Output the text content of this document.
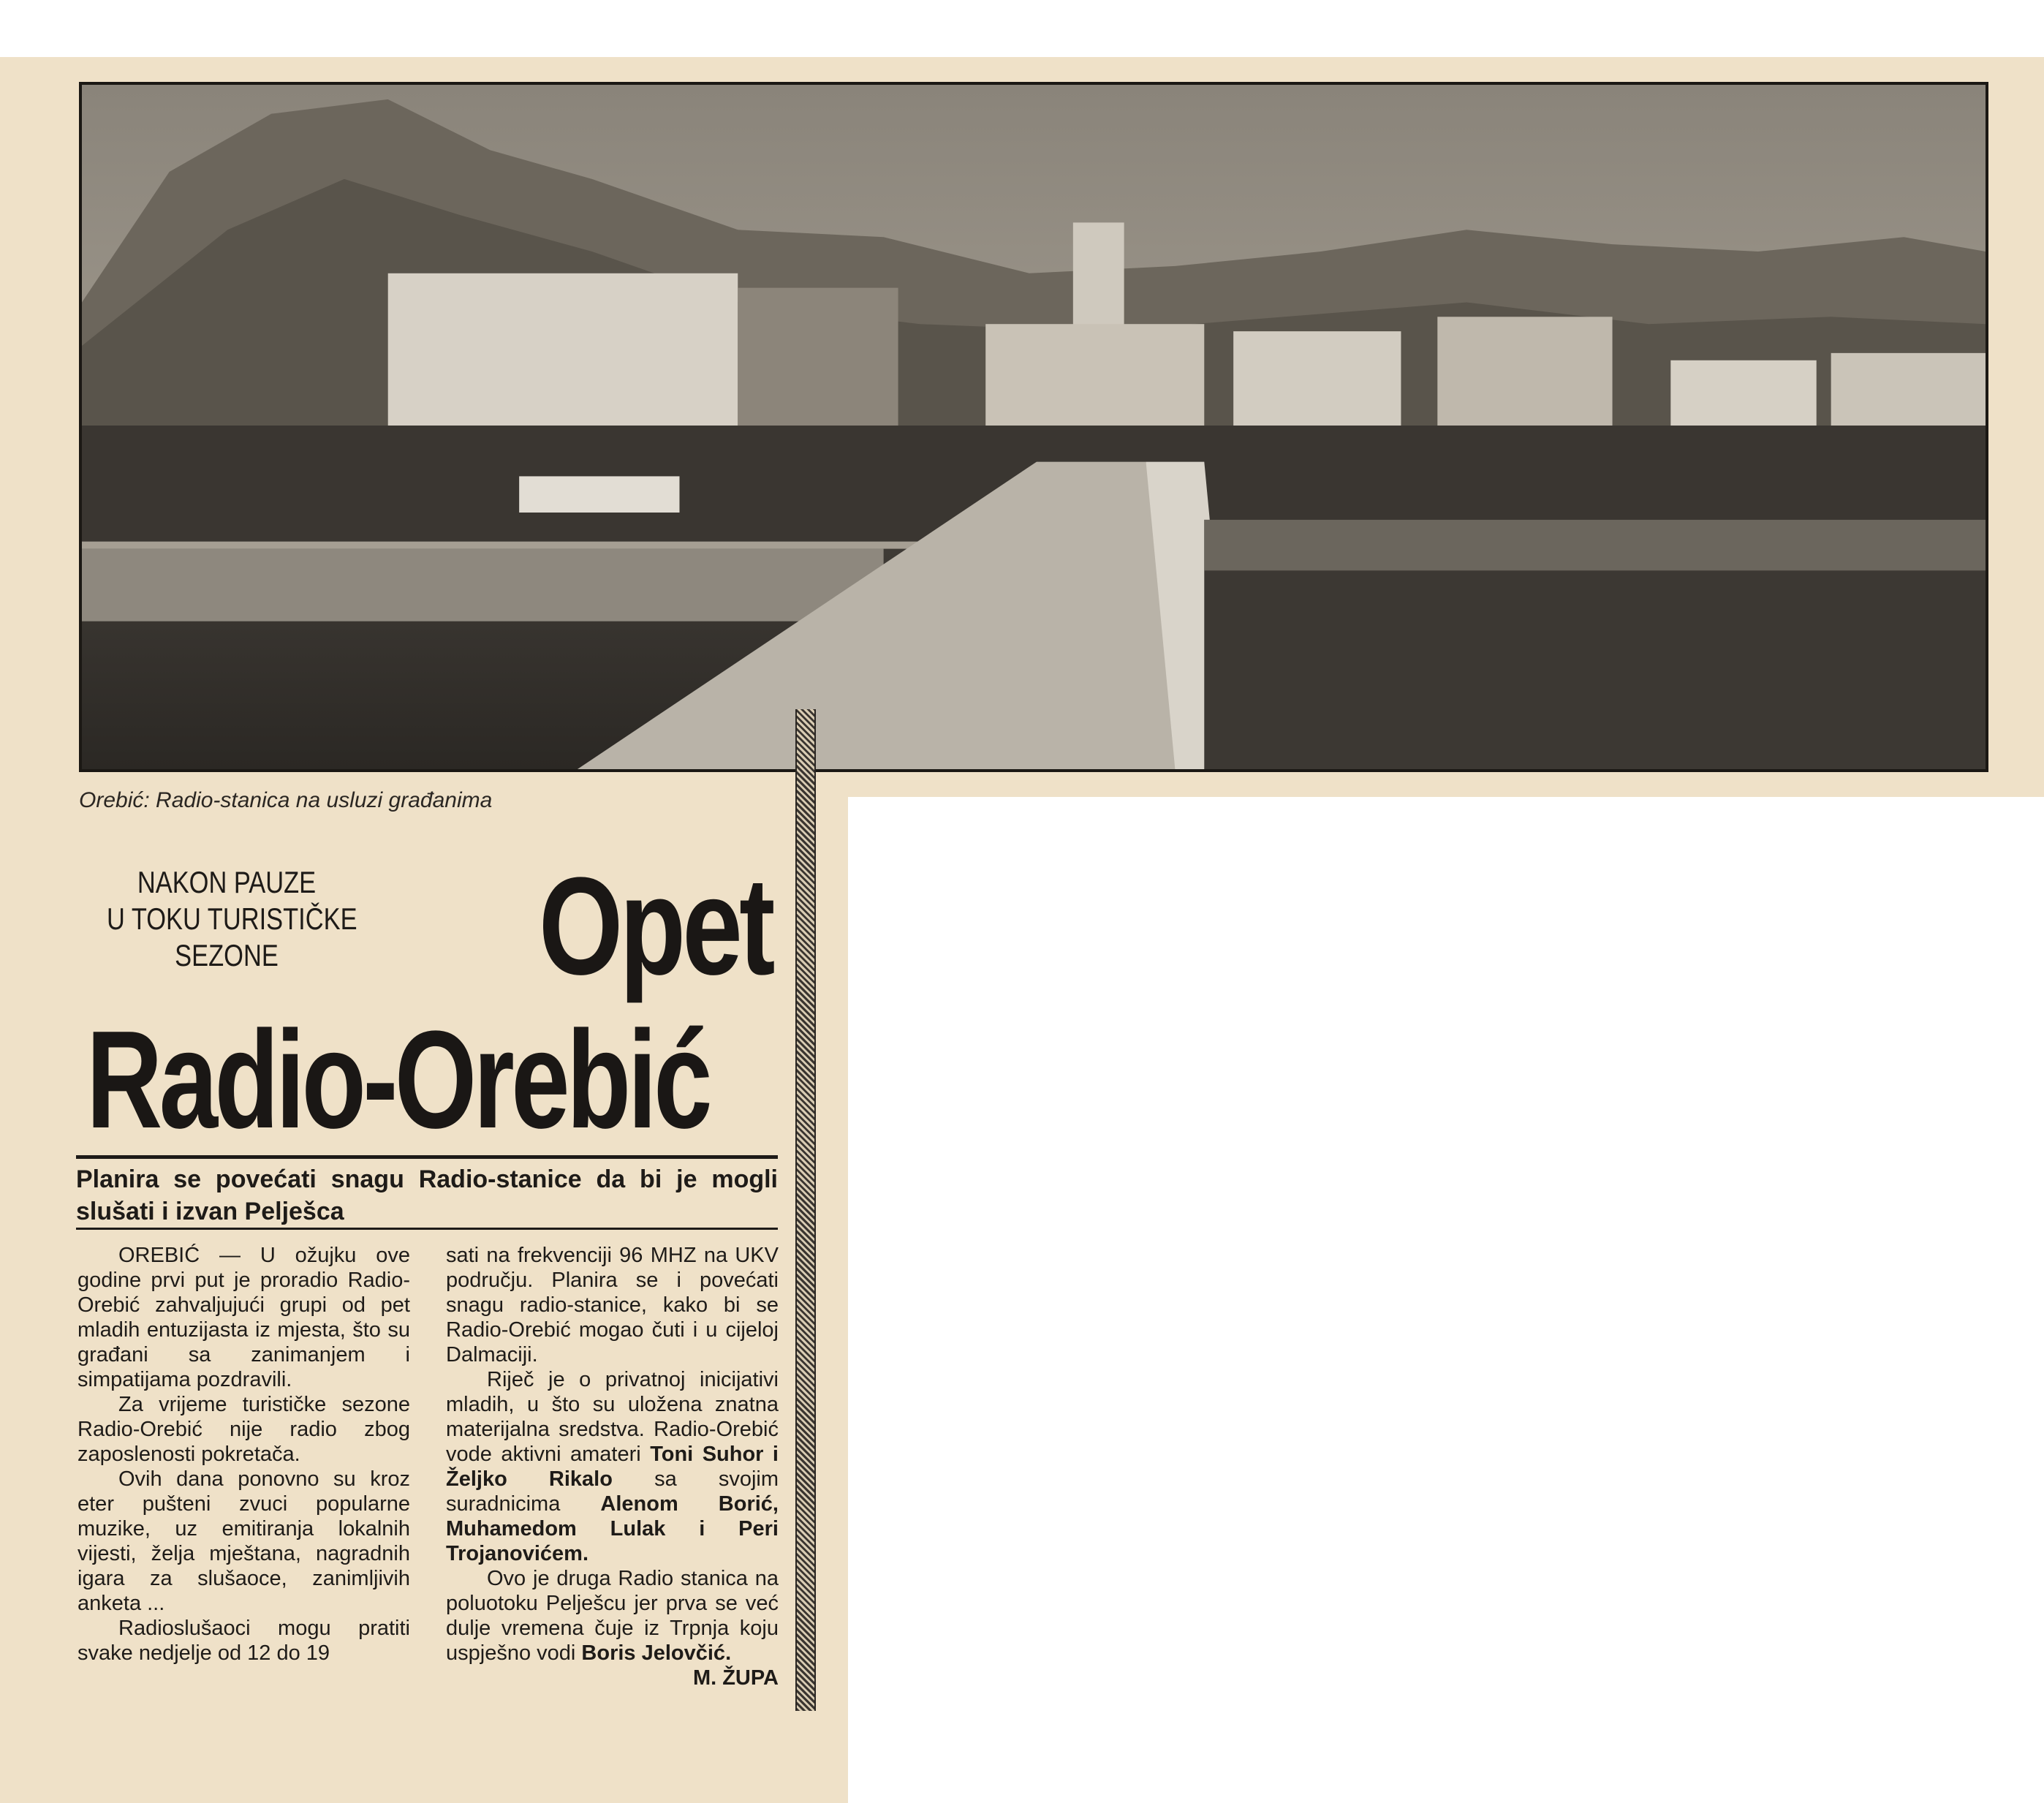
Orebić: Radio-stanica na usluzi građanima
NAKON PAUZE
U TOKU TURISTIČKE
SEZONE	Opet
Radio-Orebić

Planira se povećati snagu Radio-stanice da bi je mogli slušati i izvan Pelješca

OREBIĆ — U ožujku ove godine prvi put je proradio Radio-Orebić zahvaljujući grupi od pet mladih entuzijasta iz mjesta, što su građani sa zanimanjem i simpatijama pozdravili.

Za vrijeme turističke sezone Radio-Orebić nije radio zbog zaposlenosti pokretača.

Ovih dana ponovno su kroz eter pušteni zvuci popularne muzike, uz emitiranja lokalnih vijesti, želja mještana, nagradnih igara za slušaoce, zanimljivih anketa ...

Radioslušaoci mogu pratiti svake nedjelje od 12 do 19

sati na frekvenciji 96 MHZ na UKV području. Planira se i povećati snagu radio-stanice, kako bi se Radio-Orebić mogao čuti i u cijeloj Dalmaciji.

Riječ je o privatnoj inicijativi mladih, u što su uložena znatna materijalna sredstva. Radio-Orebić vode aktivni amateri Toni Suhor i Željko Rikalo sa svojim suradnicima Alenom Borić, Muhamedom Lulak i Peri Trojanovićem.

Ovo je druga Radio stanica na poluotoku Pelješcu jer prva se već dulje vremena čuje iz Trpnja koju uspješno vodi Boris Jelovčić.

M. ŽUPA
